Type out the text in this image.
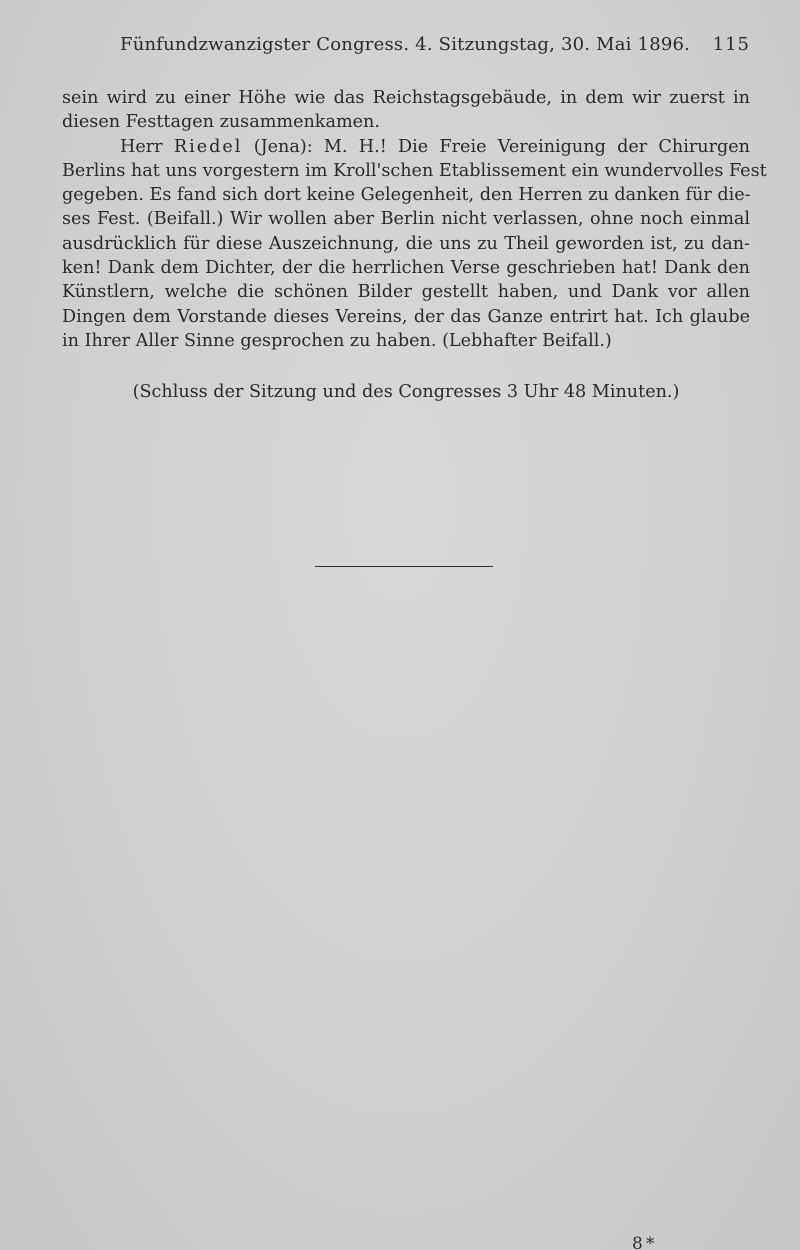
Fünfundzwanzigster Congress. 4. Sitzungstag, 30. Mai 1896. 115
sein wird zu einer Höhe wie das Reichstagsgebäude, in dem wir zuerst in
diesen Festtagen zusammenkamen.
Herr Riedel (Jena): M. H.! Die Freie Vereinigung der Chirurgen
Berlins hat uns vorgestern im Kroll'schen Etablissement ein wundervolles Fest
gegeben. Es fand sich dort keine Gelegenheit, den Herren zu danken für die-
ses Fest. (Beifall.) Wir wollen aber Berlin nicht verlassen, ohne noch einmal
ausdrücklich für diese Auszeichnung, die uns zu Theil geworden ist, zu dan-
ken! Dank dem Dichter, der die herrlichen Verse geschrieben hat! Dank den
Künstlern, welche die schönen Bilder gestellt haben, und Dank vor allen
Dingen dem Vorstande dieses Vereins, der das Ganze entrirt hat. Ich glaube
in Ihrer Aller Sinne gesprochen zu haben. (Lebhafter Beifall.)
(Schluss der Sitzung und des Congresses 3 Uhr 48 Minuten.)
8*
